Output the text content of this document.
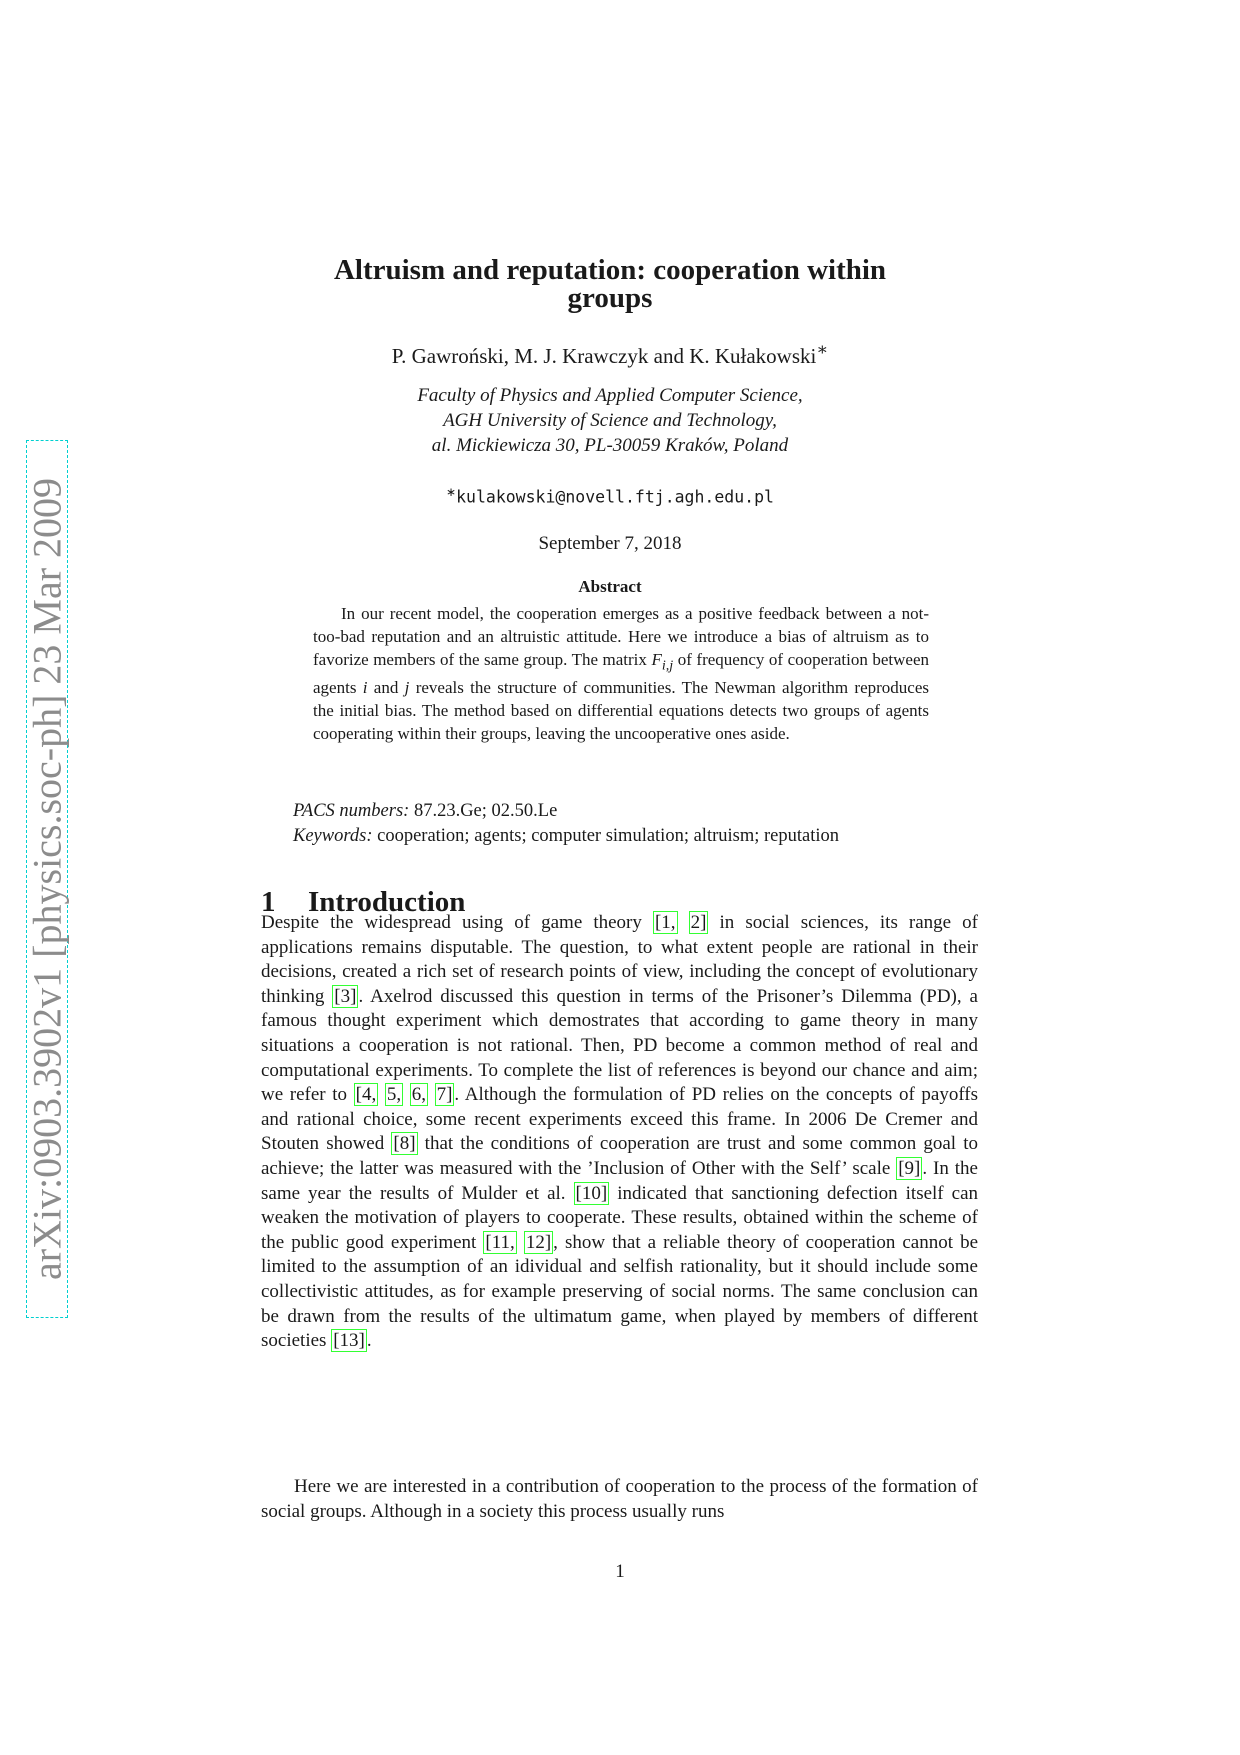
arXiv:0903.3902v1 [physics.soc-ph] 23 Mar 2009
Altruism and reputation: cooperation within
groups
P. Gawroński, M. J. Krawczyk and K. Kułakowski∗
Faculty of Physics and Applied Computer Science,
AGH University of Science and Technology,
al. Mickiewicza 30, PL-30059 Kraków, Poland
∗kulakowski@novell.ftj.agh.edu.pl
September 7, 2018
Abstract
In our recent model, the cooperation emerges as a positive feedback between a not-too-bad reputation and an altruistic attitude. Here we introduce a bias of altruism as to favorize members of the same group. The matrix $F_{i,j}$ of frequency of cooperation between agents i and j reveals the structure of communities. The Newman algorithm reproduces the initial bias. The method based on differential equations detects two groups of agents cooperating within their groups, leaving the uncooperative ones aside.
PACS numbers: 87.23.Ge; 02.50.Le
Keywords: cooperation; agents; computer simulation; altruism; reputation
1 Introduction
Despite the widespread using of game theory [1, 2] in social sciences, its range of applications remains disputable. The question, to what extent people are rational in their decisions, created a rich set of research points of view, including the concept of evolutionary thinking [3] . Axelrod discussed this question in terms of the Prisoner’s Dilemma (PD), a famous thought experiment which demostrates that according to game theory in many situations a cooperation is not rational. Then, PD become a common method of real and computational experiments. To complete the list of references is beyond our chance and aim; we refer to [4, 5, 6, 7] . Although the formulation of PD relies on the concepts of payoffs and rational choice, some recent experiments exceed this frame. In 2006 De Cremer and Stouten showed [8] that the conditions of cooperation are trust and some common goal to achieve; the latter was measured with the ’Inclusion of Other with the Self’ scale [9] . In the same year the results of Mulder et al. [10] indicated that sanctioning defection itself can weaken the motivation of players to cooperate. These results, obtained within the scheme of the public good experiment [11, 12] , show that a reliable theory of cooperation cannot be limited to the assumption of an idividual and selfish rationality, but it should include some collectivistic attitudes, as for example preserving of social norms. The same conclusion can be drawn from the results of the ultimatum game, when played by members of different societies [13] .
Here we are interested in a contribution of cooperation to the process of the formation of social groups. Although in a society this process usually runs
1
